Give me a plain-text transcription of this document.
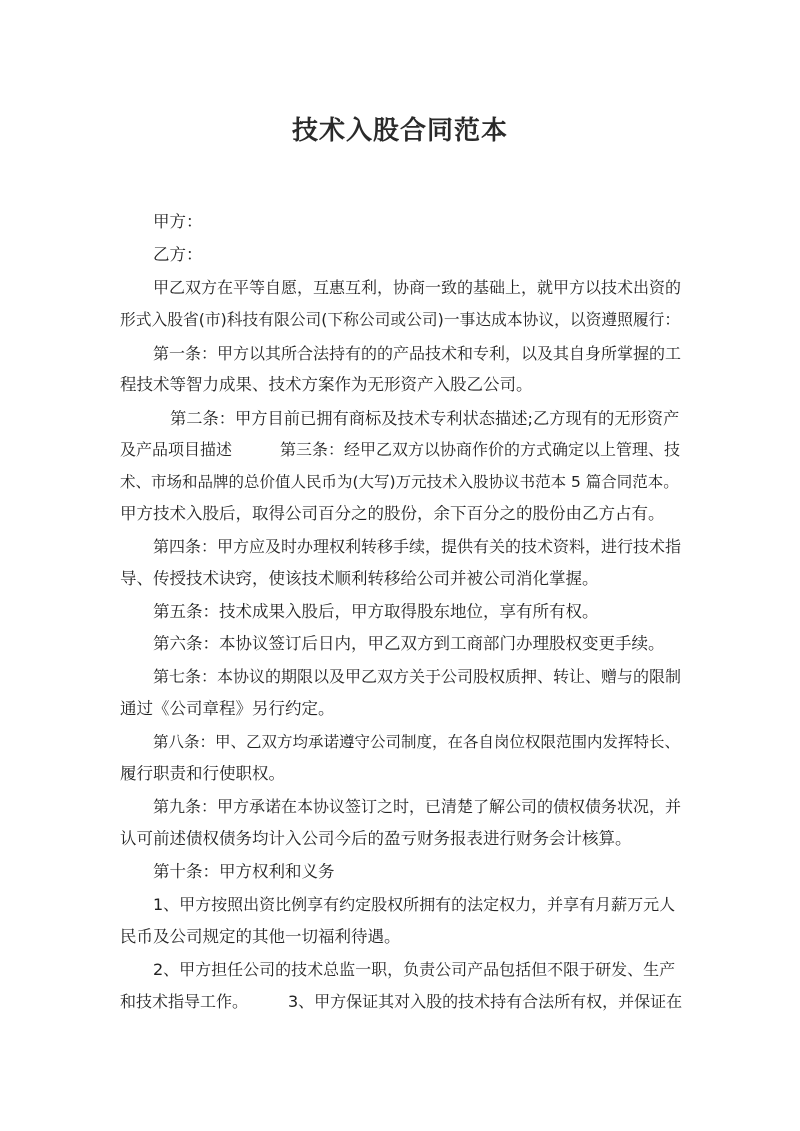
技术入股合同范本
甲方：
乙方：
甲乙双方在平等自愿，互惠互利，协商一致的基础上，就甲方以技术出资的
形式入股省(市)科技有限公司(下称公司或公司)一事达成本协议，以资遵照履行：
第一条：甲方以其所合法持有的的产品技术和专利，以及其自身所掌握的工
程技术等智力成果、技术方案作为无形资产入股乙公司。
第二条：甲方目前已拥有商标及技术专利状态描述;乙方现有的无形资产
及产品项目描述　　　第三条：经甲乙双方以协商作价的方式确定以上管理、技
术、市场和品牌的总价值人民币为(大写)万元技术入股协议书范本 5 篇合同范本。
甲方技术入股后，取得公司百分之的股份，余下百分之的股份由乙方占有。
第四条：甲方应及时办理权利转移手续，提供有关的技术资料，进行技术指
导、传授技术诀窍，使该技术顺利转移给公司并被公司消化掌握。
第五条：技术成果入股后，甲方取得股东地位，享有所有权。
第六条：本协议签订后日内，甲乙双方到工商部门办理股权变更手续。
第七条：本协议的期限以及甲乙双方关于公司股权质押、转让、赠与的限制
通过《公司章程》另行约定。
第八条：甲、乙双方均承诺遵守公司制度，在各自岗位权限范围内发挥特长、
履行职责和行使职权。
第九条：甲方承诺在本协议签订之时，已清楚了解公司的债权债务状况，并
认可前述债权债务均计入公司今后的盈亏财务报表进行财务会计核算。
第十条：甲方权利和义务
1、甲方按照出资比例享有约定股权所拥有的法定权力，并享有月薪万元人
民币及公司规定的其他一切福利待遇。
2、甲方担任公司的技术总监一职，负责公司产品包括但不限于研发、生产
和技术指导工作。　　　3、甲方保证其对入股的技术持有合法所有权，并保证在
